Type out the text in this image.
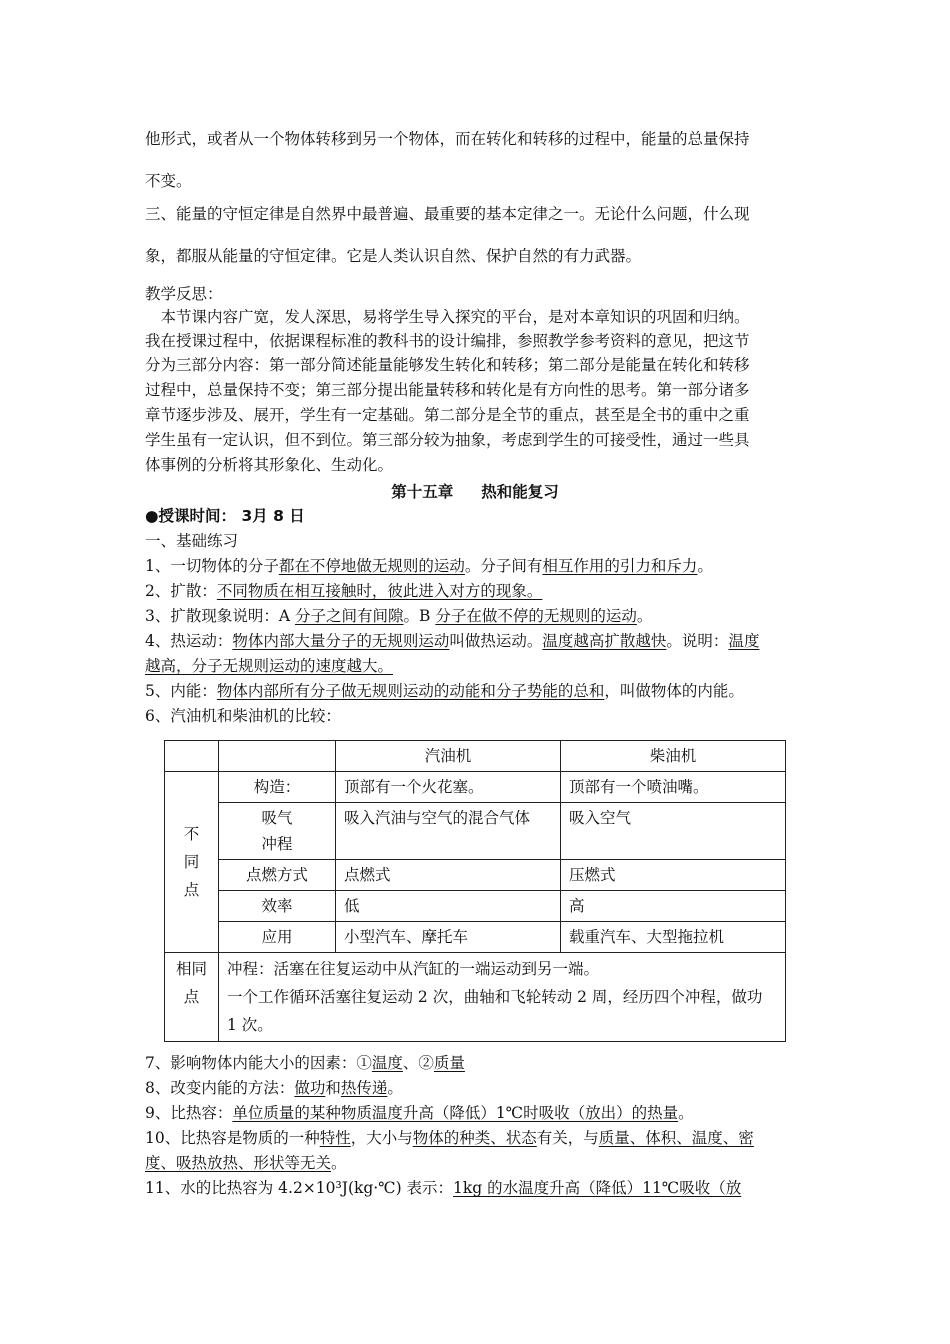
他形式，或者从一个物体转移到另一个物体，而在转化和转移的过程中，能量的总量保持
不变。
三、能量的守恒定律是自然界中最普遍、最重要的基本定律之一。无论什么问题，什么现
象，都服从能量的守恒定律。它是人类认识自然、保护自然的有力武器。
教学反思：
　本节课内容广宽，发人深思，易将学生导入探究的平台，是对本章知识的巩固和归纳。
我在授课过程中，依据课程标准的教科书的设计编排，参照教学参考资料的意见，把这节
分为三部分内容：第一部分简述能量能够发生转化和转移；第二部分是能量在转化和转移
过程中，总量保持不变；第三部分提出能量转移和转化是有方向性的思考。第一部分诸多
章节逐步涉及、展开，学生有一定基础。第二部分是全节的重点，甚至是全书的重中之重
学生虽有一定认识，但不到位。第三部分较为抽象，考虑到学生的可接受性，通过一些具
体事例的分析将其形象化、生动化。
第十五章 热和能复习
●授课时间： 3月 8 日
一、基础练习
1、一切物体的分子都在不停地做无规则的运动。分子间有相互作用的引力和斥力。
2、扩散：不同物质在相互接触时，彼此进入对方的现象。
3、扩散现象说明：A 分子之间有间隙。B 分子在做不停的无规则的运动。
4、热运动：物体内部大量分子的无规则运动叫做热运动。温度越高扩散越快。说明：温度
越高，分子无规则运动的速度越大。
5、内能：物体内部所有分子做无规则运动的动能和分子势能的总和，叫做物体的内能。
6、汽油机和柴油机的比较：
		汽油机	柴油机

不同点	构造：	顶部有一个火花塞。	顶部有一个喷油嘴。

	吸气冲程	吸入汽油与空气的混合气体	吸入空气
	点燃方式	点燃式	压燃式
	效率	低	高
	应用	小型汽车、摩托车	载重汽车、大型拖拉机

相同点	冲程：活塞在往复运动中从汽缸的一端运动到另一端。
一个工作循环活塞往复运动 2 次，曲轴和飞轮转动 2 周，经历四个冲程，做功 1 次。		
7、影响物体内能大小的因素：①温度、②质量
8、改变内能的方法：做功和热传递。
9、比热容：单位质量的某种物质温度升高（降低）1℃时吸收（放出）的热量。
10、比热容是物质的一种特性，大小与物体的种类、状态有关，与质量、体积、温度、密
度、吸热放热、形状等无关。
11、水的比热容为 4.2×10³J(kg·℃) 表示：1kg 的水温度升高（降低）11℃吸收（放
